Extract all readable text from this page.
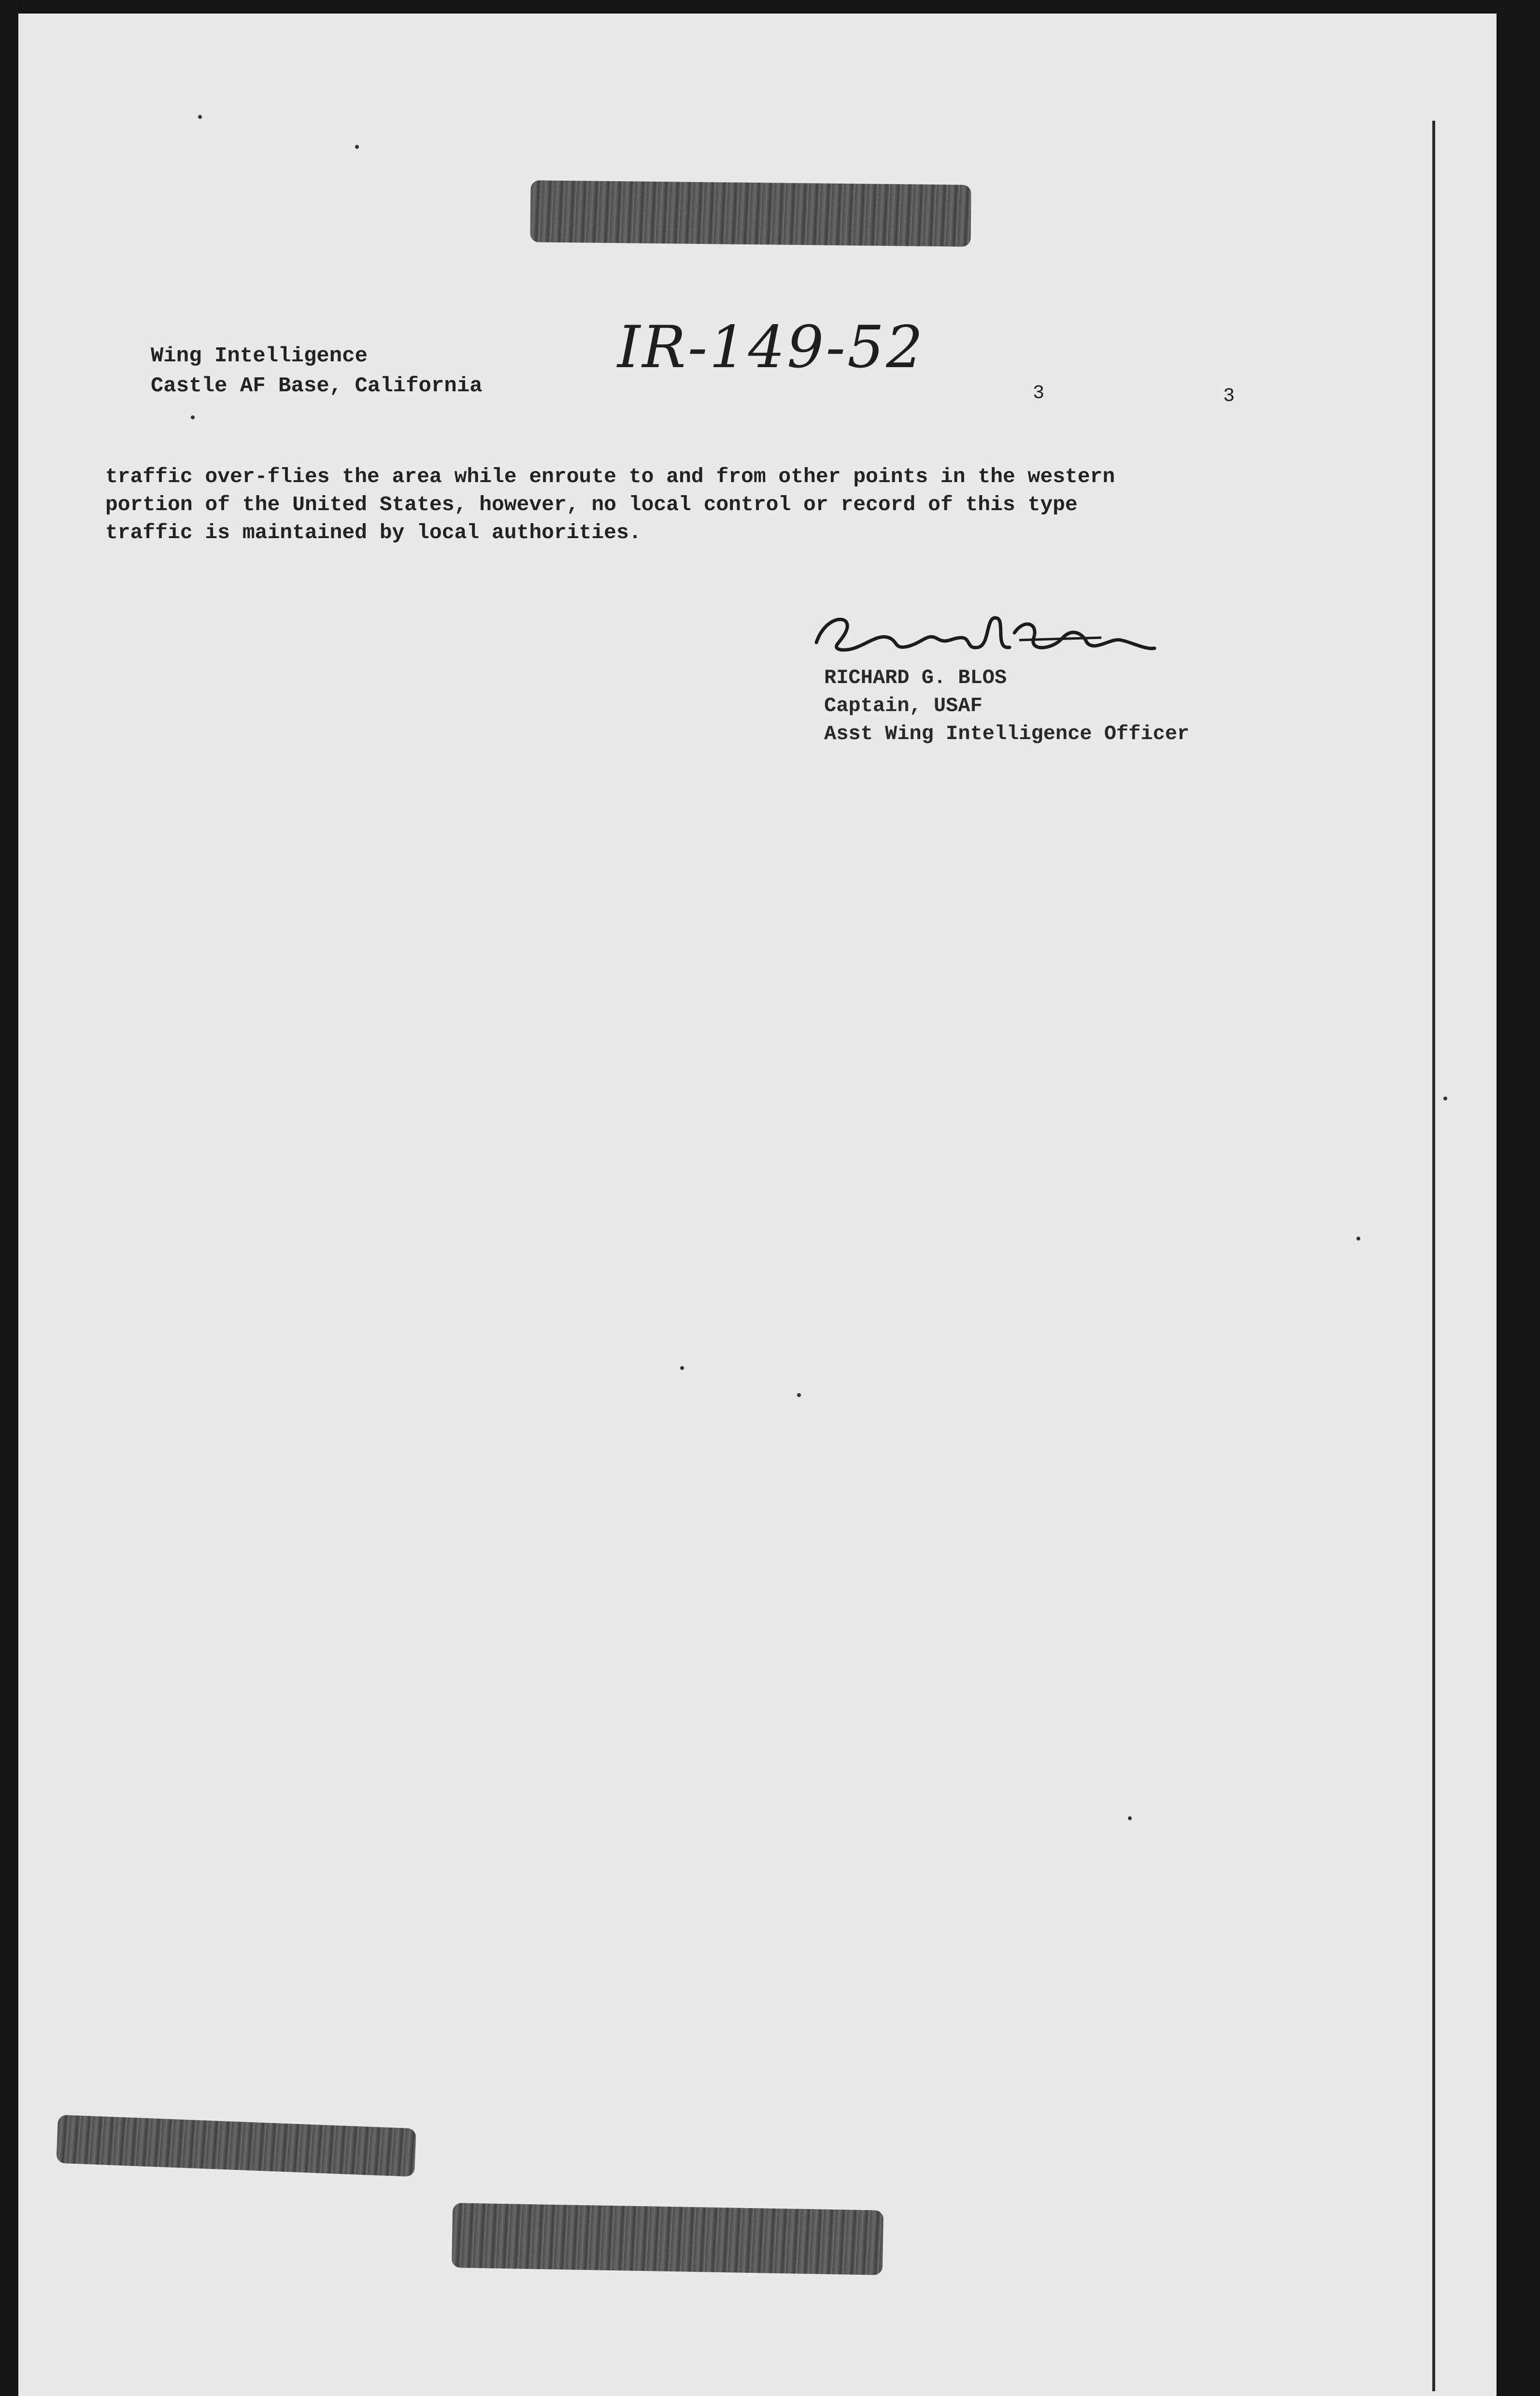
Wing Intelligence
Castle AF Base, California
IR-149-52
3	3
traffic over-flies the area while enroute to and from other points in the western
portion of the United States, however, no local control or record of this type
traffic is maintained by local authorities.
RICHARD G. BLOS
Captain, USAF
Asst Wing Intelligence Officer
